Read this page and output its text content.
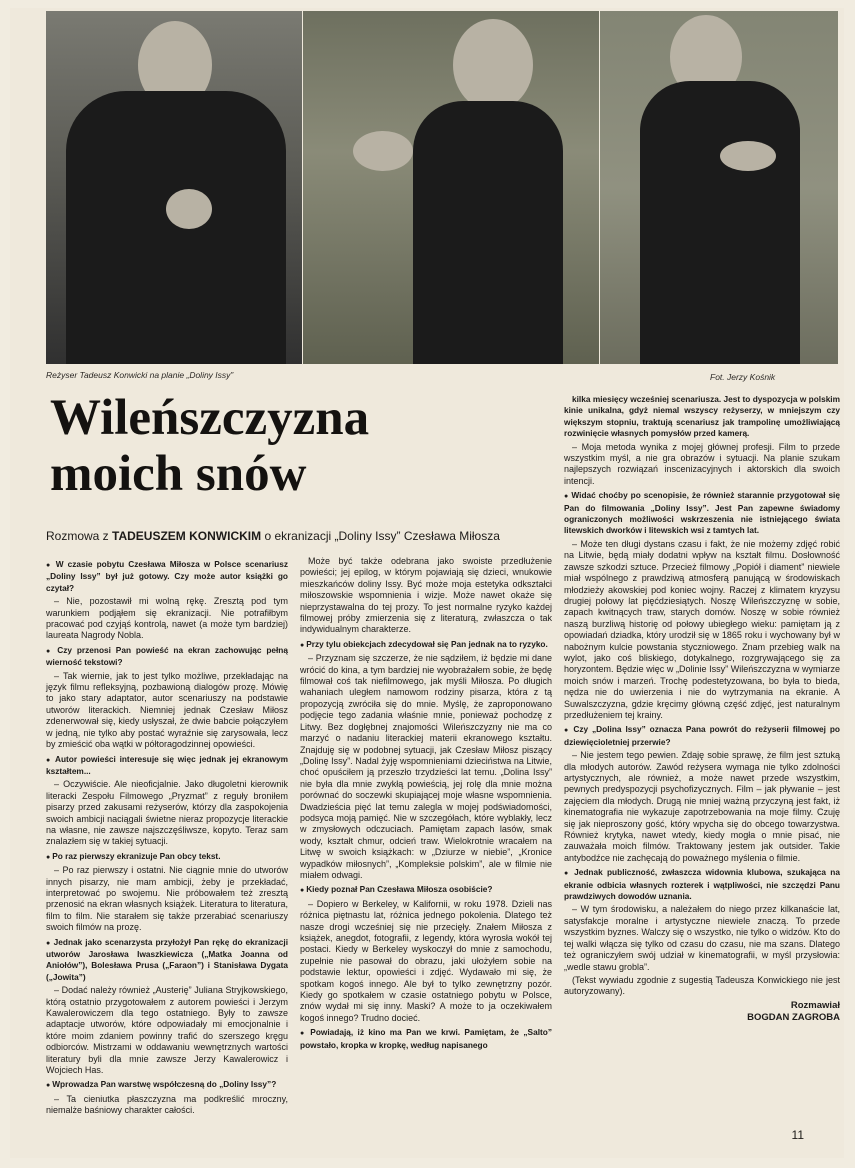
Reżyser Tadeusz Konwicki na planie „Doliny Issy”	Fot. Jerzy Kośnik
Wileńszczyzna
moich snów
Rozmowa z TADEUSZEM KONWICKIM o ekranizacji „Doliny Issy” Czesława Miłosza

● W czasie pobytu Czesława Miłosza w Polsce scenariusz „Doliny Issy” był już gotowy. Czy może autor książki go czytał?

– Nie, pozostawił mi wolną rękę. Zresztą pod tym warunkiem podjąłem się ekranizacji. Nie potrafiłbym pracować pod czyjąś kontrolą, nawet (a może tym bardziej) laureata Nagrody Nobla.

● Czy przenosi Pan powieść na ekran zachowując pełną wierność tekstowi?

– Tak wiernie, jak to jest tylko możliwe, przekładając na język filmu refleksyjną, pozbawioną dialogów prozę. Mówię to jako stary adaptator, autor scenariuszy na podstawie utworów literackich. Niemniej jednak Czesław Miłosz zdenerwował się, kiedy usłyszał, że dwie babcie połączyłem w jedną, nie tylko aby postać wyraźnie się zarysowała, lecz by zmieścić oba wątki w półtoragodzinnej opowieści.

● Autor powieści interesuje się więc jednak jej ekranowym kształtem...

– Oczywiście. Ale nieoficjalnie. Jako długoletni kierownik literacki Zespołu Filmowego „Pryzmat” z reguły broniłem pisarzy przed zakusami reżyserów, którzy dla zaspokojenia swoich ambicji naciągali świetne nieraz propozycje literackie na własne, nie zawsze najszczęśliwsze, kopyto. Teraz sam znalazłem się w takiej sytuacji.

● Po raz pierwszy ekranizuje Pan obcy tekst.

– Po raz pierwszy i ostatni. Nie ciągnie mnie do utworów innych pisarzy, nie mam ambicji, żeby je przekładać, interpretować po swojemu. Nie próbowałem też zresztą przenosić na ekran własnych książek. Literatura to literatura, film to film. Nie starałem się także przerabiać scenariuszy swoich filmów na prozę.

● Jednak jako scenarzysta przyłożył Pan rękę do ekranizacji utworów Jarosława Iwaszkiewicza („Matka Joanna od Aniołów”), Bolesława Prusa („Faraon”) i Stanisława Dygata („Jowita”)

– Dodać należy również „Austerię” Juliana Stryjkowskiego, którą ostatnio przygotowałem z autorem powieści i Jerzym Kawalerowiczem dla tego ostatniego. Były to zawsze adaptacje utworów, które odpowiadały mi emocjonalnie i które moim zdaniem powinny trafić do szerszego kręgu odbiorców. Mistrzami w oddawaniu wewnętrznych wartości literatury byli dla mnie zawsze Jerzy Kawalerowicz i Wojciech Has.

● Wprowadza Pan warstwę współczesną do „Doliny Issy”?

– Ta cieniutka płaszczyzna ma podkreślić mroczny, niemalże baśniowy charakter całości.

Może być także odebrana jako swoiste przedłużenie powieści; jej epilog, w którym pojawiają się dzieci, wnukowie mieszkańców doliny Issy. Być może moja estetyka odkształci miłoszowskie wspomnienia i wizje. Może nawet okaże się nieprzystawalna do tej prozy. To jest normalne ryzyko każdej filmowej próby zmierzenia się z literaturą, zwłaszcza o tak indywidualnym charakterze.

● Przy tylu obiekcjach zdecydował się Pan jednak na to ryzyko.

– Przyznam się szczerze, że nie sądziłem, iż będzie mi dane wrócić do kina, a tym bardziej nie wyobrażałem sobie, że będę filmował coś tak niefilmowego, jak myśli Miłosza. Po długich wahaniach uległem namowom rodziny pisarza, która z tą propozycją zwróciła się do mnie. Myślę, że zaproponowano podjęcie tego zadania właśnie mnie, ponieważ pochodzę z Litwy. Bez dogłębnej znajomości Wileńszczyzny nie ma co marzyć o nadaniu literackiej materii ekranowego kształtu. Znajduję się w podobnej sytuacji, jak Czesław Miłosz piszący „Dolinę Issy”. Nadal żyję wspomnieniami dzieciństwa na Litwie, choć opuściłem ją przeszło trzydzieści lat temu. „Dolina Issy” nie była dla mnie zwykłą powieścią, jej rolę dla mnie można porównać do soczewki skupiającej moje własne wspomnienia. Dwadzieścia pięć lat temu zalegla w mojej podświadomości, podsyca moją pamięć. Nie w szczegółach, które wyblakły, lecz w zmysłowych odczuciach. Pamiętam zapach lasów, smak wody, kształt chmur, odcień traw. Wielokrotnie wracałem na Litwę w swoich książkach: w „Dziurze w niebie”, „Kronice wypadków miłosnych”, „Kompleksie polskim”, ale w filmie nie miałem odwagi.

● Kiedy poznał Pan Czesława Miłosza osobiście?

– Dopiero w Berkeley, w Kalifornii, w roku 1978. Dzieli nas różnica piętnastu lat, różnica jednego pokolenia. Dlatego też nasze drogi wcześniej się nie przecięły. Znałem Miłosza z książek, anegdot, fotografii, z legendy, która wyrosła wokół tej postaci. Kiedy w Berkeley wyskoczył do mnie z samochodu, zupełnie nie pasował do obrazu, jaki ułożyłem sobie na podstawie lektur, opowieści i zdjęć. Wydawało mi się, że spotkam kogoś innego. Ale był to tylko zewnętrzny pozór. Kiedy go spotkałem w czasie ostatniego pobytu w Polsce, znów wydał mi się inny. Maski? A może to ja oczekiwałem kogoś innego? Trudno docieć.

● Powiadają, iż kino ma Pan we krwi. Pamiętam, że „Salto” powstało, kropka w kropkę, według napisanego

kilka miesięcy wcześniej scenariusza. Jest to dyspozycja w polskim kinie unikalna, gdyż niemal wszyscy reżyserzy, w mniejszym czy większym stopniu, traktują scenariusz jak trampolinę umożliwiającą rozwinięcie własnych pomysłów przed kamerą.

– Moja metoda wynika z mojej głównej profesji. Film to przede wszystkim myśl, a nie gra obrazów i sytuacji. Na planie szukam najlepszych rozwiązań inscenizacyjnych i aktorskich dla swoich intencji.

● Widać choćby po scenopisie, że również starannie przygotował się Pan do filmowania „Doliny Issy”. Jest Pan zapewne świadomy ograniczonych możliwości wskrzeszenia nie istniejącego świata litewskich dworków i litewskich wsi z tamtych lat.

– Może ten długi dystans czasu i fakt, że nie możemy zdjęć robić na Litwie, będą miały dodatni wpływ na kształt filmu. Dosłowność zawsze szkodzi sztuce. Przecież filmowy „Popiół i diament” niewiele miał wspólnego z prawdziwą atmosferą panującą w środowiskach młodzieży akowskiej pod koniec wojny. Raczej z klimatem kryzysu drugiej połowy lat pięćdziesiątych. Noszę Wileńszczyznę w sobie, zapach kwitnących traw, starych domów. Noszę w sobie również naszą burzliwą historię od połowy ubiegłego wieku: pamiętam ją z opowiadań dziadka, który urodził się w 1865 roku i wychowany był w nabożnym kulcie powstania styczniowego. Znam przebieg walk na wylot, jako coś bliskiego, dotykalnego, rozgrywającego się za horyzontem. Będzie więc w „Dolinie Issy” Wileńszczyzna w wymiarze moich snów i marzeń. Trochę podestetyzowana, bo była to bieda, nędza nie do uwierzenia i nie do wytrzymania na ekranie. A Suwalszczyzna, gdzie kręcimy główną część zdjęć, jest naturalnym przedłużeniem tej krainy.

● Czy „Dolina Issy” oznacza Pana powrót do reżyserii filmowej po dziewięcioletniej przerwie?

– Nie jestem tego pewien. Zdaję sobie sprawę, że film jest sztuką dla młodych autorów. Zawód reżysera wymaga nie tylko zdolności artystycznych, ale również, a może nawet przede wszystkim, pewnych predyspozycji psychofizycznych. Film – jak pływanie – jest zajęciem dla młodych. Drugą nie mniej ważną przyczyną jest fakt, iż kinematografia nie wykazuje zapotrzebowania na moje filmy. Czuję się jak nieproszony gość, który wpycha się do obcego towarzystwa. Również krytyka, nawet wtedy, kiedy mogła o mnie pisać, nie zauważała moich filmów. Traktowany jestem jak outsider. Takie antybodźce nie zachęcają do poważnego myślenia o filmie.

● Jednak publiczność, zwłaszcza widownia klubowa, szukająca na ekranie odbicia własnych rozterek i wątpliwości, nie szczędzi Panu prawdziwych dowodów uznania.

– W tym środowisku, a należałem do niego przez kilkanaście lat, satysfakcje moralne i artystyczne niewiele znaczą. To przede wszystkim byznes. Walczy się o wszystko, nie tylko o widzów. Kto do tej walki włącza się tylko od czasu do czasu, nie ma szans. Dlatego też ograniczyłem swój udział w kinematografii, w myśl przysłowia: „wedle stawu grobla”.

(Tekst wywiadu zgodnie z sugestią Tadeusza Konwickiego nie jest autoryzowany).

Rozmawiał
BOGDAN ZAGROBA
11
